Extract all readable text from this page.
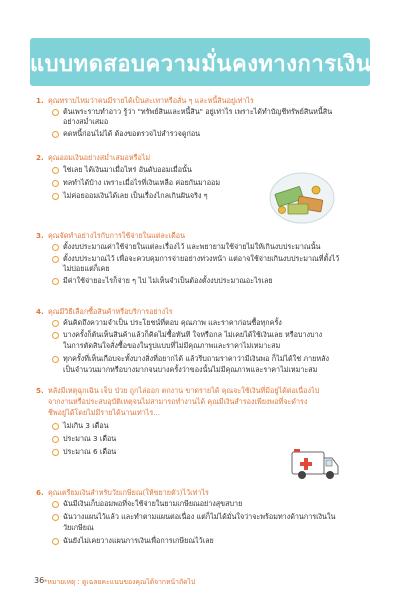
แบบทดสอบความมั่นคงทางการเงิน
1. คุณทราบไหมว่าคนมีรายได้เป็นสะเทาหรือสั่น ๆ และหนี้สินอยู่เท่าไร
ต้นเพระราบทำอาว รู้ว่า "ทรัพย์สินและหนี้สิน" อยู่เท่าไร เพราะได้ทำบัญชีทรัพย์สินหนี้สิน
อย่างสม่ำเสมอ
คดหนี้ก่อนไม่ได้ ต้องขอตรวจไปสำรวจดูก่อน
2. คุณออมเงินอย่างสม่ำเสมอหรือไม่
ใช่เลย ได้เงินมาเมื่อไหร่ อันดับออมเมื่อนั้น
ทลทำได้บ้าง เพราะเมื่อไรที่เงินเหลือ ค่อยกันมาออม
ไม่ค่อยออมเงินได้เลย เป็นเรื่องไกลเกินฝันจริง ๆ
3. คุณจัดทำอย่างไรกับการใช้จ่ายในแต่ละเดือน
ตั้งงบประมาณค่าใช้จ่ายในแต่ละเรื่องไว้ และพยายามใช้จ่ายไม่ให้เกินงบประมาณนั้น
ตั้งงบประมาณไว้ เพื่อจะควบคุมการจ่ายอย่างท่วงหน้า แต่อาจใช้จ่ายเกินงบประมาณที่ตั้งไว้
ไม่บ่อยแต่ก็เคย
มีค่าใช้จ่ายอะไรก็จ่าย ๆ ไป ไม่เห็นจำเป็นต้องตั้งงบประมาณอะไรเลย
4. คุณมีวิธีเลือกซื้อสินค้าหรือบริการอย่างไร
ค้นคิดถึงความจำเป็น ประโยชน์ที่ตอบ คุณภาพ และราคาก่อนซื้อทุกครั้ง
บางครั้งก็ต้นเห็นสินค้าแล้วก็คิดไม่ซื้อทันที ใจหรือกล ไม่เคยได้ใช้เงินเลย หรือบางบาง
ในการตัดสินใจสั่งซื้อของในรูปแบบที่ไม่มีคุณภาพและราคาไม่เหมาะสม
ทุกครั้งที่เห็นเกือบจะทั้งบางสิ่งที่อยากได้ แล้วรีบถามราคาว่ามีเงินพอ ก็ไม่ได้ใช่ ภายหลัง
เป็นจำนวนมากหรือบางมากจนบางครั้งว่าของนั้นไม่มีคุณภาพและราคาไม่เหมาะสม
5. หลังมีเหตุฉุกเฉิน เจ็บ ป่วย ถูกไล่ออก ตกงาน ขาดรายได้ คุณจะใช้เงินที่มีอยู่ได้ต่อเนื่องไป
จากงานหรือประสบอุบัติเหตุจนไม่สามารถทำงานได้ คุณมีเงินสำรองเพียงพอที่จะดำรง
ชีพอยู่ได้โดยไม่มีรายได้นานเท่าไร...
ไม่เกิน 3 เดือน
ประมาณ 3 เดือน
ประมาณ 6 เดือน
6. คุณเตรียมเงินสำหรับวัยเกษียณ(ให้ขยายตัว)ไว้เท่าไร
ฉันมีเงินเก็บออมพอที่จะใช้จ่ายในยามเกษียณอย่างสุขสบาย
ฉันวางแผนไว้แล้ว และทำตามแผนต่อเนื่อง แต่ก็ไม่ได้มั่นใจว่าจะพร้อมทางด้านการเงินใน
วัยเกษียณ
ฉันยังไม่เคยวางแผนการเงินเพื่อการเกษียณไว้เลย
*หมายเหตุ : ดูเฉลยคะแนนของคุณได้จากหน้าถัดไป
36
